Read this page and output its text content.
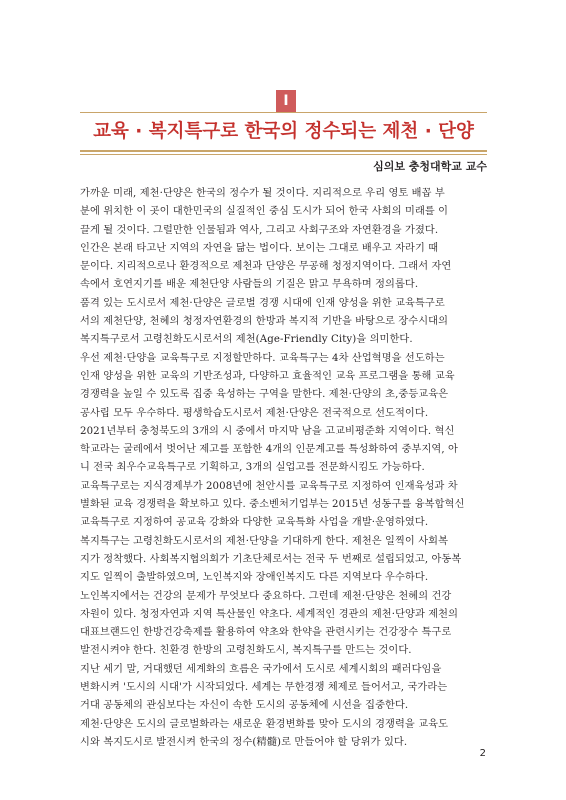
I
교육 · 복지특구로 한국의 정수되는 제천 · 단양
심의보 충청대학교 교수
가까운 미래, 제천·단양은 한국의 정수가 될 것이다. 지리적으로 우리 영토 배꼽 부
분에 위치한 이 곳이 대한민국의 실질적인 중심 도시가 되어 한국 사회의 미래를 이
끌게 될 것이다. 그럴만한 인물됨과 역사, 그리고 사회구조와 자연환경을 가졌다.
인간은 본래 타고난 지역의 자연을 닮는 법이다. 보이는 그대로 배우고 자라기 때
문이다. 지리적으로나 환경적으로 제천과 단양은 무공해 청정지역이다. 그래서 자연
속에서 호연지기를 배운 제천단양 사람들의 기질은 맑고 무욕하며 정의롭다.
품격 있는 도시로서 제천·단양은 글로벌 경쟁 시대에 인재 양성을 위한 교육특구로
서의 제천단양, 천혜의 청정자연환경의 한방과 복지적 기반을 바탕으로 장수시대의
복지특구로서 고령친화도시로서의 제천(Age-Friendly City)을 의미한다.
우선 제천·단양을 교육특구로 지정할만하다. 교육특구는 4차 산업혁명을 선도하는
인재 양성을 위한 교육의 기반조성과, 다양하고 효율적인 교육 프로그램을 통해 교육
경쟁력을 높일 수 있도록 집중 육성하는 구역을 말한다. 제천·단양의 초,중등교육은
공사립 모두 우수하다. 평생학습도시로서 제천·단양은 전국적으로 선도적이다.
2021년부터 충청북도의 3개의 시 중에서 마지막 남을 고교비평준화 지역이다. 혁신
학교라는 굴레에서 벗어난 제고를 포함한 4개의 인문계고를 특성화하여 중부지역, 아
니 전국 최우수교육특구로 기획하고, 3개의 실업고를 전문화시킴도 가능하다.
교육특구로는 지식경제부가 2008년에 천안시를 교육특구로 지정하여 인재육성과 차
별화된 교육 경쟁력을 확보하고 있다. 중소벤처기업부는 2015년 성동구를 융복합혁신
교육특구로 지정하여 공교육 강화와 다양한 교육특화 사업을 개발·운영하였다.
복지특구는 고령친화도시로서의 제천·단양을 기대하게 한다. 제천은 일찍이 사회복
지가 정착했다. 사회복지협의회가 기초단체로서는 전국 두 번째로 설립되었고, 아동복
지도 일찍이 출발하였으며, 노인복지와 장애인복지도 다른 지역보다 우수하다.
노인복지에서는 건강의 문제가 무엇보다 중요하다. 그런데 제천·단양은 천혜의 건강
자원이 있다. 청정자연과 지역 특산물인 약초다. 세계적인 경관의 제천·단양과 제천의
대표브랜드인 한방건강축제를 활용하여 약초와 한약을 관련시키는 건강장수 특구로
발전시켜야 한다. 친환경 한방의 고령친화도시, 복지특구를 만드는 것이다.
지난 세기 말, 거대했던 세계화의 흐름은 국가에서 도시로 세계시회의 패러다임을
변화시켜 '도시의 시대'가 시작되었다. 세계는 무한경쟁 체제로 들어서고, 국가라는
거대 공동체의 관심보다는 자신이 속한 도시의 공동체에 시선을 집중한다.
제천·단양은 도시의 글로벌화라는 새로운 환경변화를 맞아 도시의 경쟁력을 교육도
시와 복지도시로 발전시켜 한국의 정수(精髓)로 만들어야 할 당위가 있다.
2
